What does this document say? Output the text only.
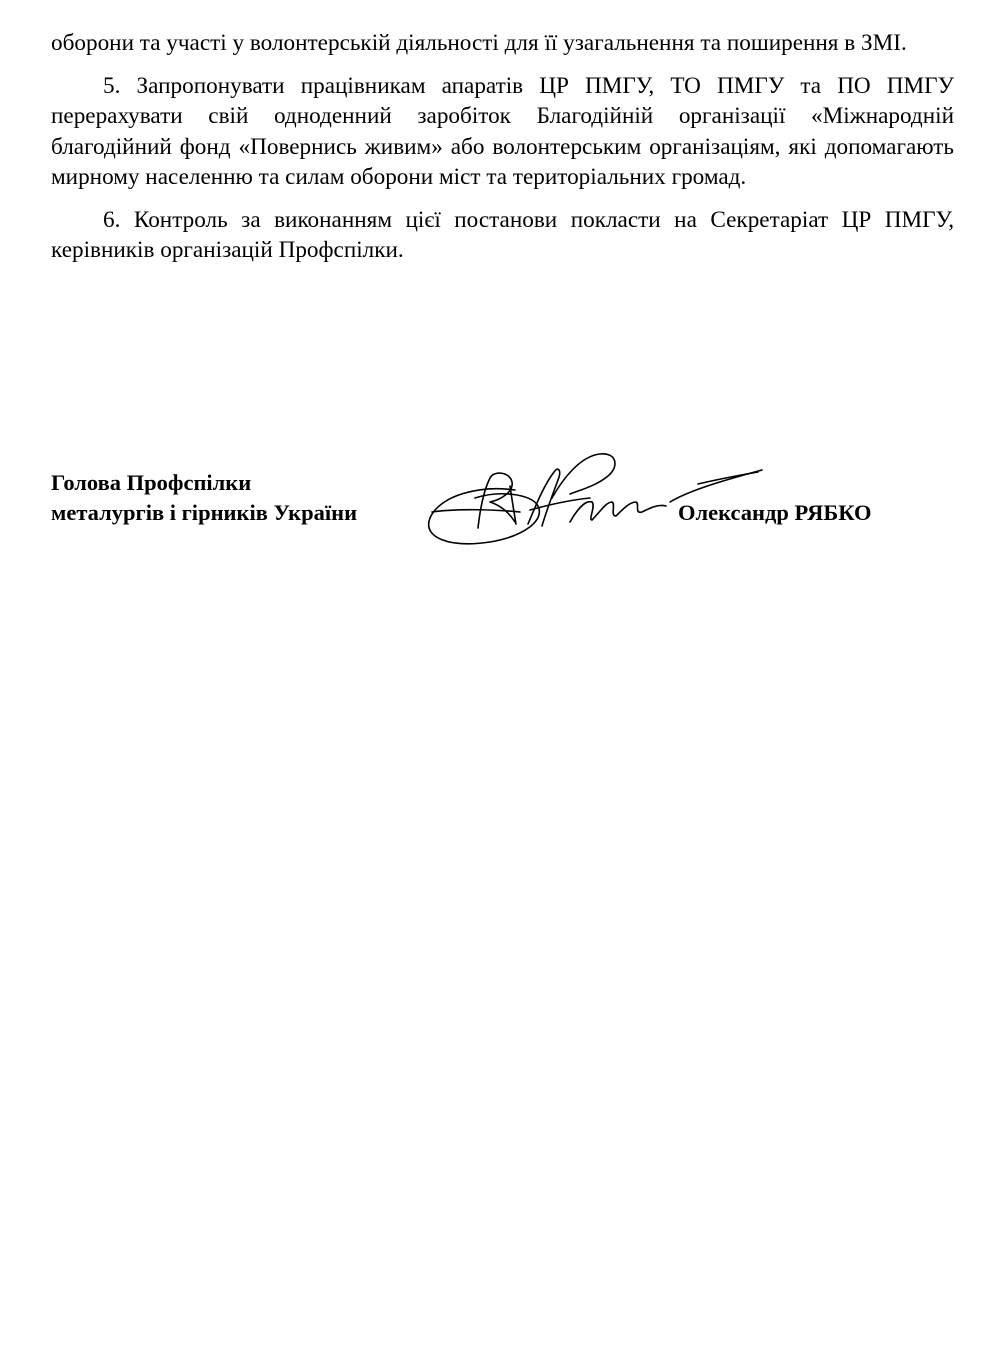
оборони та участі у волонтерській діяльності для її узагальнення та поширення в ЗМІ.

5. Запропонувати працівникам апаратів ЦР ПМГУ, ТО ПМГУ та ПО ПМГУ перерахувати свій одноденний заробіток Благодійній організації «Міжнародній благодійний фонд «Повернись живим» або волонтерським організаціям, які допомагають мирному населенню та силам оборони міст та територіальних громад.

6. Контроль за виконанням цієї постанови покласти на Секретаріат ЦР ПМГУ, керівників організацій Профспілки.

Голова Профспілки
металургів і гірників України	Олександр РЯБКО
